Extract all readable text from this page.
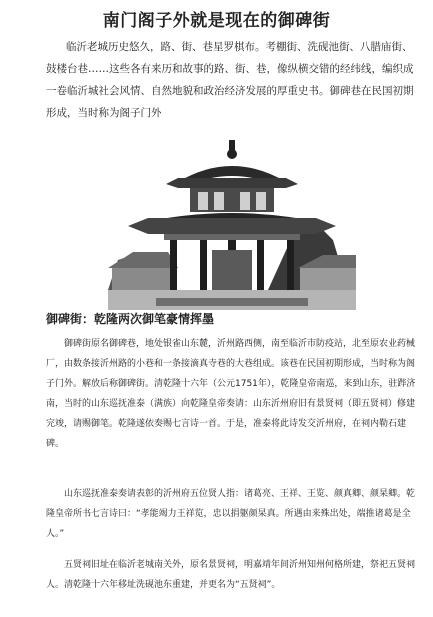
南门阁子外就是现在的御碑街

临沂老城历史悠久，路、街、巷星罗棋布。考棚街、洗砚池街、八腊庙街、鼓楼台巷……这些各有来历和故事的路、街、巷，像纵横交错的经纬线，编织成一卷临沂城社会风情、自然地貌和政治经济发展的厚重史书。御碑巷在民国初期形成，当时称为阁子门外

御碑街：乾隆两次御笔豪情挥墨

御碑街原名御碑巷，地处银雀山东麓，沂州路西侧，南至临沂市防疫站，北至原农业药械厂，由数条接沂州路的小巷和一条接滴真寺巷的大巷组成。该巷在民国初期形成，当时称为阁子门外。解放后称御碑街。清乾隆十六年（公元1751年），乾隆皇帝南巡，来到山东，驻跸济南，当时的山东巡抚准泰（满族）向乾隆皇帝奏请：山东沂州府旧有景贤祠（即五贤祠）修建完竣，请赐御笔。乾隆遂依奏赐七言诗一首。于是，准泰将此诗发交沂州府，在祠内勒石建碑。

山东巡抚准泰奏请表彰的沂州府五位贤人指：诸葛亮、王祥、王览、颜真卿、颜杲卿。乾隆皇帝所书七言诗曰：“孝能竭力王祥览，忠以捐躯颜杲真。所遇由来殊出处，端推诸葛是全人。”

五贤祠旧址在临沂老城南关外，原名景贤祠，明嘉靖年间沂州知州何格所建，祭祀五贤祠人。清乾隆十六年移址洗砚池东重建，并更名为“五贤祠”。
